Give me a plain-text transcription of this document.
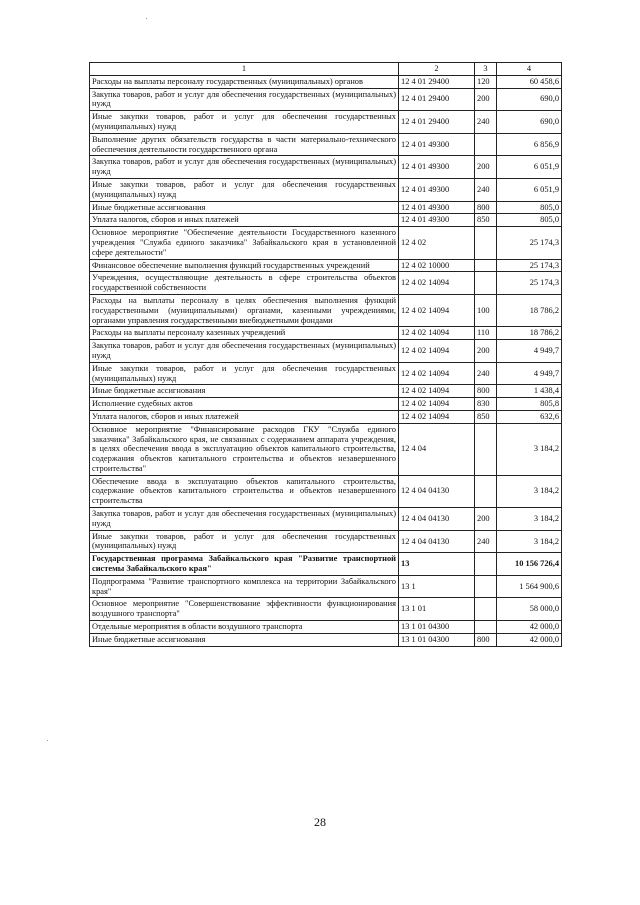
1	2	3	4
Расходы на выплаты персоналу государственных (муниципальных) органов	12 4 01 29400	120	60 458,6
Закупка товаров, работ и услуг для обеспечения государственных (муниципальных) нужд	12 4 01 29400	200	690,0
Иные закупки товаров, работ и услуг для обеспечения государственных (муниципальных) нужд	12 4 01 29400	240	690,0
Выполнение других обязательств государства в части материально-технического обеспечения деятельности государственного органа	12 4 01 49300		6 856,9
Закупка товаров, работ и услуг для обеспечения государственных (муниципальных) нужд	12 4 01 49300	200	6 051,9
Иные закупки товаров, работ и услуг для обеспечения государственных (муниципальных) нужд	12 4 01 49300	240	6 051,9
Иные бюджетные ассигнования	12 4 01 49300	800	805,0
Уплата налогов, сборов и иных платежей	12 4 01 49300	850	805,0
Основное мероприятие "Обеспечение деятельности Государственного казенного учреждения "Служба единого заказчика" Забайкальского края в установленной сфере деятельности"	12 4 02		25 174,3
Финансовое обеспечение выполнения функций государственных учреждений	12 4 02 10000		25 174,3
Учреждения, осуществляющие деятельность в сфере строительства объектов государственной собственности	12 4 02 14094		25 174,3
Расходы на выплаты персоналу в целях обеспечения выполнения функций государственными (муниципальными) органами, казенными учреждениями, органами управления государственными внебюджетными фондами	12 4 02 14094	100	18 786,2
Расходы на выплаты персоналу казенных учреждений	12 4 02 14094	110	18 786,2
Закупка товаров, работ и услуг для обеспечения государственных (муниципальных) нужд	12 4 02 14094	200	4 949,7
Иные закупки товаров, работ и услуг для обеспечения государственных (муниципальных) нужд	12 4 02 14094	240	4 949,7
Иные бюджетные ассигнования	12 4 02 14094	800	1 438,4
Исполнение судебных актов	12 4 02 14094	830	805,8
Уплата налогов, сборов и иных платежей	12 4 02 14094	850	632,6
Основное мероприятие "Финансирование расходов ГКУ "Служба единого заказчика" Забайкальского края, не связанных с содержанием аппарата учреждения, в целях обеспечения ввода в эксплуатацию объектов капитального строительства, содержания объектов капитального строительства и объектов незавершенного строительства"	12 4 04		3 184,2
Обеспечение ввода в эксплуатацию объектов капитального строительства, содержание объектов капитального строительства и объектов незавершенного строительства	12 4 04 04130		3 184,2
Закупка товаров, работ и услуг для обеспечения государственных (муниципальных) нужд	12 4 04 04130	200	3 184,2
Иные закупки товаров, работ и услуг для обеспечения государственных (муниципальных) нужд	12 4 04 04130	240	3 184,2
Государственная программа Забайкальского края "Развитие транспортной системы Забайкальского края"	13		10 156 726,4
Подпрограмма "Развитие транспортного комплекса на территории Забайкальского края"	13 1		1 564 900,6
Основное мероприятие "Совершенствование эффективности функционирования воздушного транспорта"	13 1 01		58 000,0
Отдельные мероприятия в области воздушного транспорта	13 1 01 04300		42 000,0
Иные бюджетные ассигнования	13 1 01 04300	800	42 000,0
28
